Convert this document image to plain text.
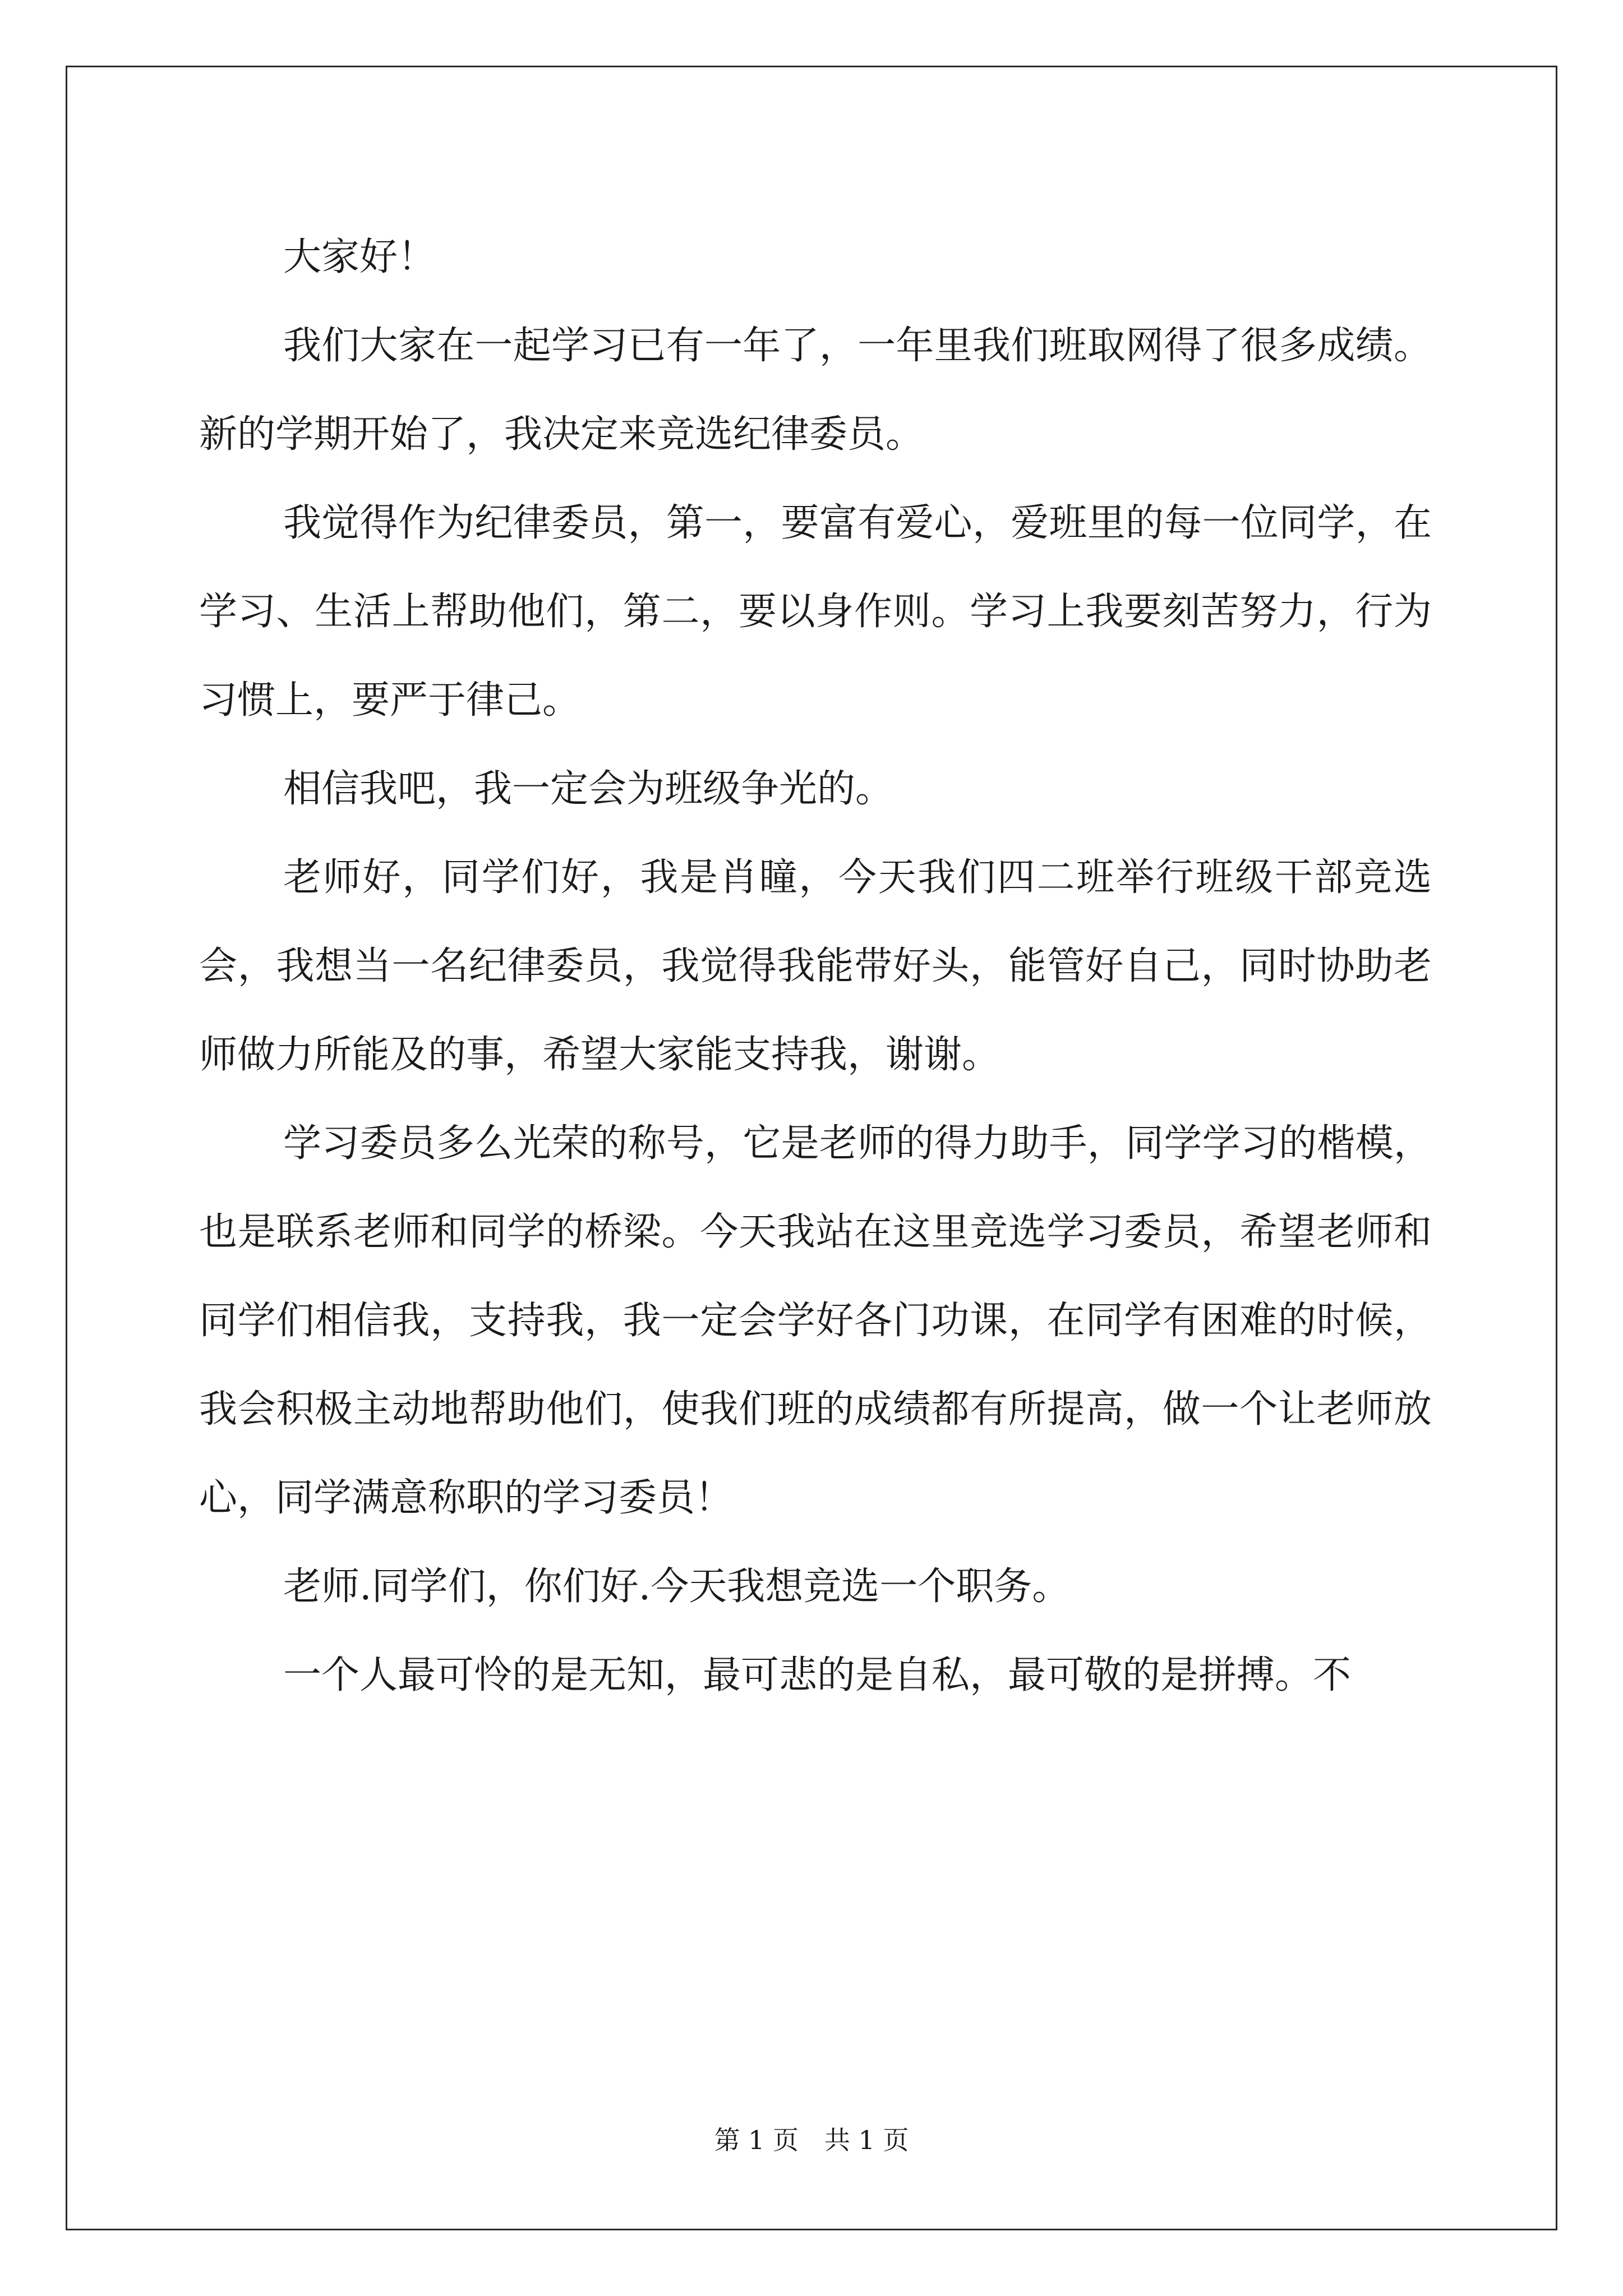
大家好！

我们大家在一起学习已有一年了，一年里我们班取网得了很多成绩。新的学期开始了，我决定来竞选纪律委员。

我觉得作为纪律委员，第一，要富有爱心，爱班里的每一位同学，在学习、生活上帮助他们，第二，要以身作则。学习上我要刻苦努力，行为习惯上，要严于律己。

相信我吧，我一定会为班级争光的。

老师好，同学们好，我是肖瞳，今天我们四二班举行班级干部竞选会，我想当一名纪律委员，我觉得我能带好头，能管好自己，同时协助老师做力所能及的事，希望大家能支持我，谢谢。

学习委员多么光荣的称号，它是老师的得力助手，同学学习的楷模，也是联系老师和同学的桥梁。今天我站在这里竞选学习委员，希望老师和同学们相信我，支持我，我一定会学好各门功课，在同学有困难的时候，我会积极主动地帮助他们，使我们班的成绩都有所提高，做一个让老师放心，同学满意称职的学习委员！

老师.同学们，你们好.今天我想竞选一个职务。

一个人最可怜的是无知，最可悲的是自私，最可敬的是拼搏。不

第 1 页　共 1 页
